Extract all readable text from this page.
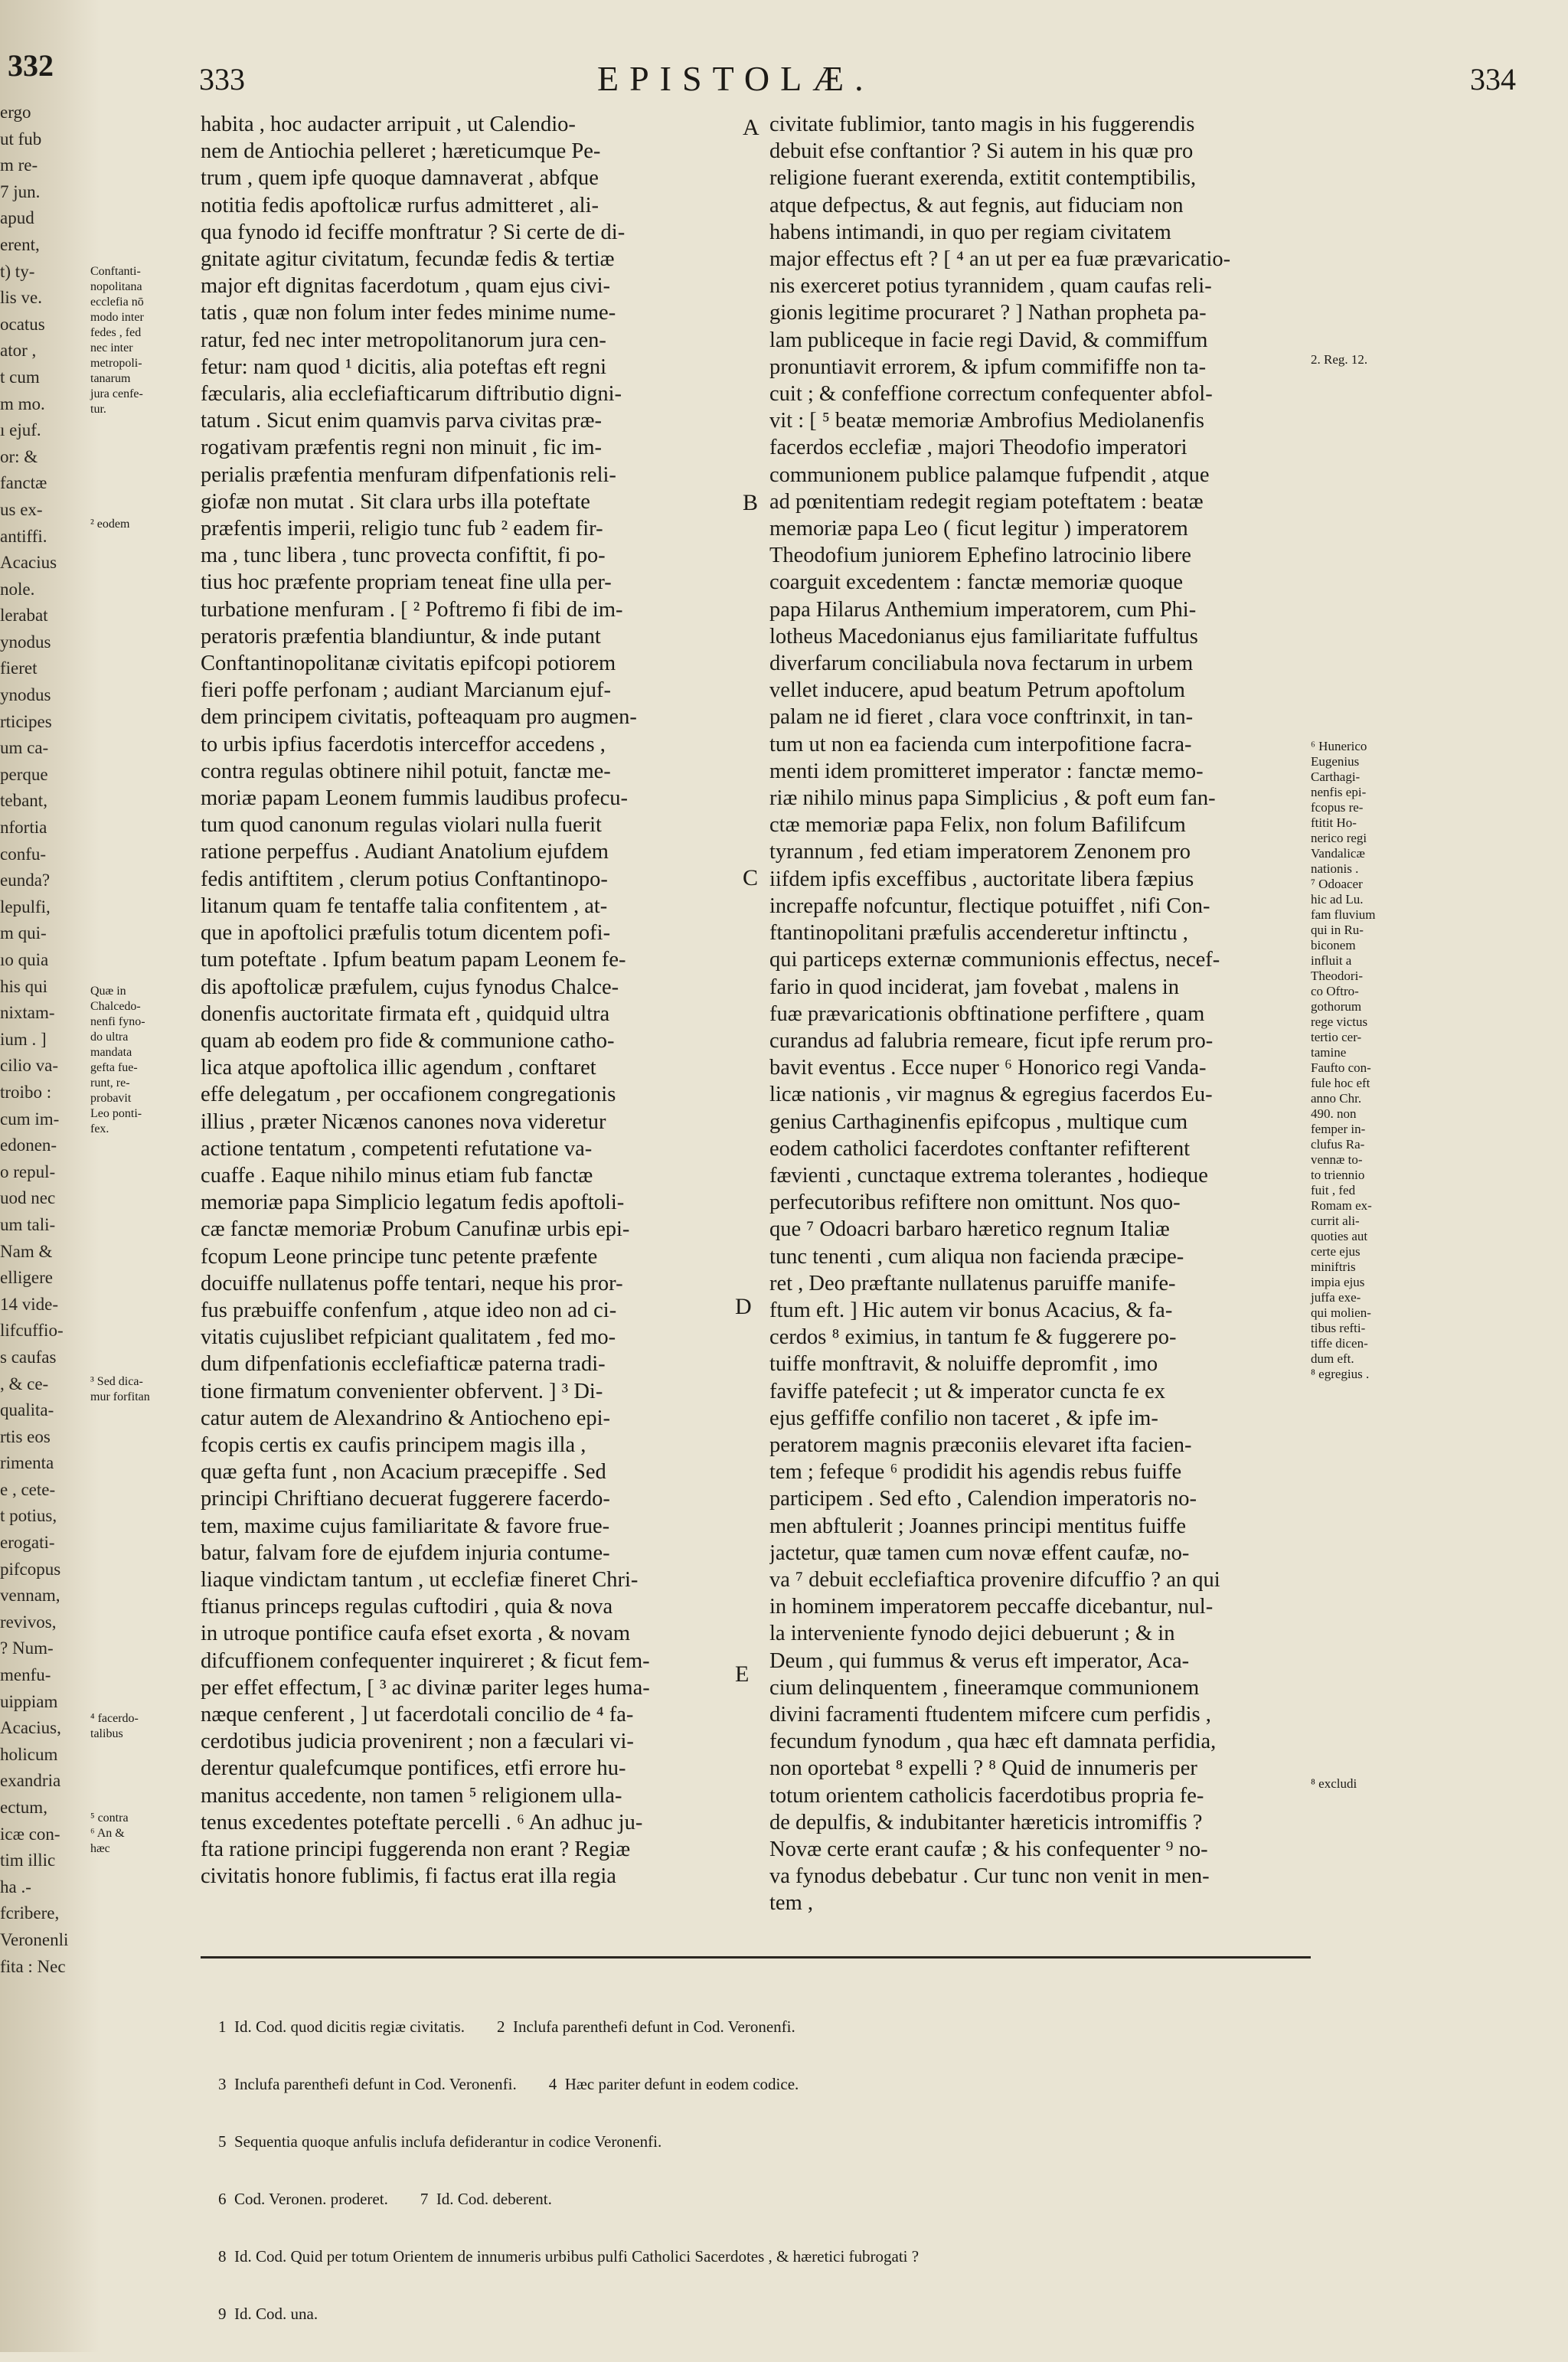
332
ergo
ut fub
m re-
7 jun.
apud
erent,
t) ty-
lis ve.
ocatus
ator ,
t cum
m mo.
ı ejuf.
or: &
fanctæ
us ex-
antiffi.
Acacius
nole.
lerabat
ynodus
fieret
ynodus
rticipes
um ca-
perque
tebant,
nfortia
confu-
eunda?
lepulfi,
m qui-
ıo quia
his qui
nixtam-
ium . ]
cilio va-
troibo :
cum im-
edonen-
o repul-
uod nec
um tali-
Nam &
elligere
14 vide-
lifcuffio-
s caufas
, & ce-
qualita-
rtis eos
rimenta
e , cete-
t potius,
erogati-
pifcopus
vennam,
revivos,
? Num-
menfu-
uippiam
Acacius,
holicum
exandria
ectum,
icæ con-
tim illic
ha .-
fcribere,
Veronenli
fita : Nec
333	EPISTOLÆ.	334
Conftanti-
nopolitana
ecclefia nō
modo inter
fedes , fed
nec inter
metropoli-
tanarum
jura cenfe-
tur.
² eodem
Quæ in
Chalcedo-
nenfi fyno-
do ultra
mandata
gefta fue-
runt, re-
probavit
Leo ponti-
fex.
³ Sed dica-
mur forfitan
⁴ facerdo-
talibus
⁵ contra
⁶ An &
hæc

habita , hoc audacter arripuit , ut Calendio-
nem de Antiochia pelleret ; hæreticumque Pe-
trum , quem ipfe quoque damnaverat , abfque
notitia fedis apoftolicæ rurfus admitteret , ali-
qua fynodo id feciffe monftratur ? Si certe de di-
gnitate agitur civitatum, fecundæ fedis & tertiæ
major eft dignitas facerdotum , quam ejus civi-
tatis , quæ non folum inter fedes minime nume-
ratur, fed nec inter metropolitanorum jura cen-
fetur: nam quod ¹ dicitis, alia poteftas eft regni
fæcularis, alia ecclefiafticarum diftributio digni-
tatum . Sicut enim quamvis parva civitas præ-
rogativam præfentis regni non minuit , fic im-
perialis præfentia menfuram difpenfationis reli-
giofæ non mutat . Sit clara urbs illa poteftate
præfentis imperii, religio tunc fub ² eadem fir-
ma , tunc libera , tunc provecta confiftit, fi po-
tius hoc præfente propriam teneat fine ulla per-
turbatione menfuram . [ ² Poftremo fi fibi de im-
peratoris præfentia blandiuntur, & inde putant
Conftantinopolitanæ civitatis epifcopi potiorem
fieri poffe perfonam ; audiant Marcianum ejuf-
dem principem civitatis, pofteaquam pro augmen-
to urbis ipfius facerdotis interceffor accedens ,
contra regulas obtinere nihil potuit, fanctæ me-
moriæ papam Leonem fummis laudibus profecu-
tum quod canonum regulas violari nulla fuerit
ratione perpeffus . Audiant Anatolium ejufdem
fedis antiftitem , clerum potius Conftantinopo-
litanum quam fe tentaffe talia confitentem , at-
que in apoftolici præfulis totum dicentem pofi-
tum poteftate . Ipfum beatum papam Leonem fe-
dis apoftolicæ præfulem, cujus fynodus Chalce-
donenfis auctoritate firmata eft , quidquid ultra
quam ab eodem pro fide & communione catho-
lica atque apoftolica illic agendum , conftaret
effe delegatum , per occafionem congregationis
illius , præter Nicænos canones nova videretur
actione tentatum , competenti refutatione va-
cuaffe . Eaque nihilo minus etiam fub fanctæ
memoriæ papa Simplicio legatum fedis apoftoli-
cæ fanctæ memoriæ Probum Canufinæ urbis epi-
fcopum Leone principe tunc petente præfente
docuiffe nullatenus poffe tentari, neque his pror-
fus præbuiffe confenfum , atque ideo non ad ci-
vitatis cujuslibet refpiciant qualitatem , fed mo-
dum difpenfationis ecclefiafticæ paterna tradi-
tione firmatum convenienter obfervent. ] ³ Di-
catur autem de Alexandrino & Antiocheno epi-
fcopis certis ex caufis principem magis illa ,
quæ gefta funt , non Acacium præcepiffe . Sed
principi Chriftiano decuerat fuggerere facerdo-
tem, maxime cujus familiaritate & favore frue-
batur, falvam fore de ejufdem injuria contume-
liaque vindictam tantum , ut ecclefiæ fineret Chri-
ftianus princeps regulas cuftodiri , quia & nova
in utroque pontifice caufa efset exorta , & novam
difcuffionem confequenter inquireret ; & ficut fem-
per effet effectum, [ ³ ac divinæ pariter leges huma-
næque cenferent , ] ut facerdotali concilio de ⁴ fa-
cerdotibus judicia provenirent ; non a fæculari vi-
derentur qualefcumque pontifices, etfi errore hu-
manitus accedente, non tamen ⁵ religionem ulla-
tenus excedentes poteftate percelli . ⁶ An adhuc ju-
fta ratione principi fuggerenda non erant ? Regiæ
civitatis honore fublimis, fi factus erat illa regia

A
B
C
D
E

civitate fublimior, tanto magis in his fuggerendis
debuit efse conftantior ? Si autem in his quæ pro
religione fuerant exerenda, extitit contemptibilis,
atque defpectus, & aut fegnis, aut fiduciam non
habens intimandi, in quo per regiam civitatem
major effectus eft ? [ ⁴ an ut per ea fuæ prævaricatio-
nis exerceret potius tyrannidem , quam caufas reli-
gionis legitime procuraret ? ] Nathan propheta pa-
lam publiceque in facie regi David, & commiffum
pronuntiavit errorem, & ipfum commififfe non ta-
cuit ; & confeffione correctum confequenter abfol-
vit : [ ⁵ beatæ memoriæ Ambrofius Mediolanenfis
facerdos ecclefiæ , majori Theodofio imperatori
communionem publice palamque fufpendit , atque
ad pœnitentiam redegit regiam poteftatem : beatæ
memoriæ papa Leo ( ficut legitur ) imperatorem
Theodofium juniorem Ephefino latrocinio libere
coarguit excedentem : fanctæ memoriæ quoque
papa Hilarus Anthemium imperatorem, cum Phi-
lotheus Macedonianus ejus familiaritate fuffultus
diverfarum conciliabula nova fectarum in urbem
vellet inducere, apud beatum Petrum apoftolum
palam ne id fieret , clara voce conftrinxit, in tan-
tum ut non ea facienda cum interpofitione facra-
menti idem promitteret imperator : fanctæ memo-
riæ nihilo minus papa Simplicius , & poft eum fan-
ctæ memoriæ papa Felix, non folum Bafilifcum
tyrannum , fed etiam imperatorem Zenonem pro
iifdem ipfis exceffibus , auctoritate libera fæpius
increpaffe nofcuntur, flectique potuiffet , nifi Con-
ftantinopolitani præfulis accenderetur inftinctu ,
qui particeps externæ communionis effectus, necef-
fario in quod inciderat, jam fovebat , malens in
fuæ prævaricationis obftinatione perfiftere , quam
curandus ad falubria remeare, ficut ipfe rerum pro-
bavit eventus . Ecce nuper ⁶ Honorico regi Vanda-
licæ nationis , vir magnus & egregius facerdos Eu-
genius Carthaginenfis epifcopus , multique cum
eodem catholici facerdotes conftanter refifterent
fævienti , cunctaque extrema tolerantes , hodieque
perfecutoribus refiftere non omittunt. Nos quo-
que ⁷ Odoacri barbaro hæretico regnum Italiæ
tunc tenenti , cum aliqua non facienda præcipe-
ret , Deo præftante nullatenus paruiffe manife-
ftum eft. ] Hic autem vir bonus Acacius, & fa-
cerdos ⁸ eximius, in tantum fe & fuggerere po-
tuiffe monftravit, & noluiffe depromfit , imo
faviffe patefecit ; ut & imperator cuncta fe ex
ejus geffiffe confilio non taceret , & ipfe im-
peratorem magnis præconiis elevaret ifta facien-
tem ; fefeque ⁶ prodidit his agendis rebus fuiffe
participem . Sed efto , Calendion imperatoris no-
men abftulerit ; Joannes principi mentitus fuiffe
jactetur, quæ tamen cum novæ effent caufæ, no-
va ⁷ debuit ecclefiaftica provenire difcuffio ? an qui
in hominem imperatorem peccaffe dicebantur, nul-
la interveniente fynodo dejici debuerunt ; & in
Deum , qui fummus & verus eft imperator, Aca-
cium delinquentem , fineeramque communionem
divini facramenti ftudentem mifcere cum perfidis ,
fecundum fynodum , qua hæc eft damnata perfidia,
non oportebat ⁸ expelli ? ⁸ Quid de innumeris per
totum orientem catholicis facerdotibus propria fe-
de depulfis, & indubitanter hæreticis intromiffis ?
Novæ certe erant caufæ ; & his confequenter ⁹ no-
va fynodus debebatur . Cur tunc non venit in men-
tem ,

2. Reg. 12.
⁶ Hunerico
Eugenius
Carthagi-
nenfis epi-
fcopus re-
ftitit Ho-
nerico regi
Vandalicæ
nationis .
⁷ Odoacer
hic ad Lu.
fam fluvium
qui in Ru-
biconem
influit a
Theodori-
co Oftro-
gothorum
rege victus
tertio cer-
tamine
Faufto con-
fule hoc eft
anno Chr.
490. non
femper in-
clufus Ra-
vennæ to-
to triennio
fuit , fed
Romam ex-
currit ali-
quoties aut
certe ejus
miniftris
impia ejus
juffa exe-
qui molien-
tibus refti-
tiffe dicen-
dum eft.
⁸ egregius .
⁸ excludi

1  Id. Cod. quod dicitis regiæ civitatis.        2  Inclufa parenthefi defunt in Cod. Veronenfi.

3  Inclufa parenthefi defunt in Cod. Veronenfi.        4  Hæc pariter defunt in eodem codice.

5  Sequentia quoque anfulis inclufa defiderantur in codice Veronenfi.

6  Cod. Veronen. proderet.        7  Id. Cod. deberent.

8  Id. Cod. Quid per totum Orientem de innumeris urbibus pulfi Catholici Sacerdotes , & hæretici fubrogati ?

9  Id. Cod. una.
